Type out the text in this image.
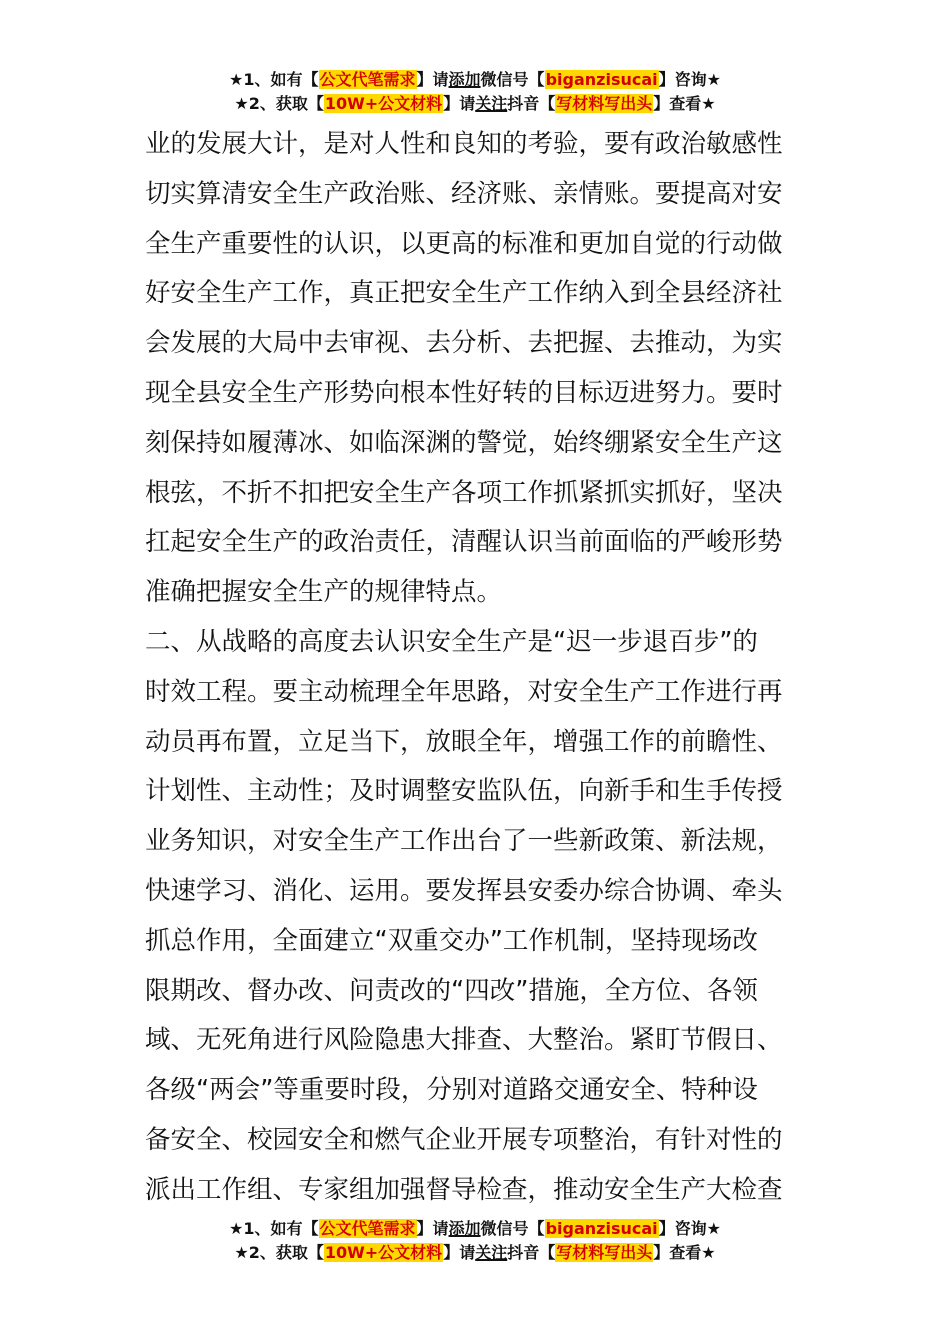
★1、如有【公文代笔需求】请添加微信号【biganzisucai】咨询★
★2、获取【10W+公文材料】请关注抖音【写材料写出头】查看★
业的发展大计，是对人性和良知的考验，要有政治敏感性
切实算清安全生产政治账、经济账、亲情账。要提高对安
全生产重要性的认识，以更高的标准和更加自觉的行动做
好安全生产工作，真正把安全生产工作纳入到全县经济社
会发展的大局中去审视、去分析、去把握、去推动，为实
现全县安全生产形势向根本性好转的目标迈进努力。要时
刻保持如履薄冰、如临深渊的警觉，始终绷紧安全生产这
根弦，不折不扣把安全生产各项工作抓紧抓实抓好，坚决
扛起安全生产的政治责任，清醒认识当前面临的严峻形势
准确把握安全生产的规律特点。
二、从战略的高度去认识安全生产是“迟一步退百步”的
时效工程。要主动梳理全年思路，对安全生产工作进行再
动员再布置，立足当下，放眼全年，增强工作的前瞻性、
计划性、主动性；及时调整安监队伍，向新手和生手传授
业务知识，对安全生产工作出台了一些新政策、新法规，
快速学习、消化、运用。要发挥县安委办综合协调、牵头
抓总作用，全面建立“双重交办”工作机制，坚持现场改
限期改、督办改、问责改的“四改”措施，全方位、各领
域、无死角进行风险隐患大排查、大整治。紧盯节假日、
各级“两会”等重要时段，分别对道路交通安全、特种设
备安全、校园安全和燃气企业开展专项整治，有针对性的
派出工作组、专家组加强督导检查，推动安全生产大检查
★1、如有【公文代笔需求】请添加微信号【biganzisucai】咨询★
★2、获取【10W+公文材料】请关注抖音【写材料写出头】查看★
